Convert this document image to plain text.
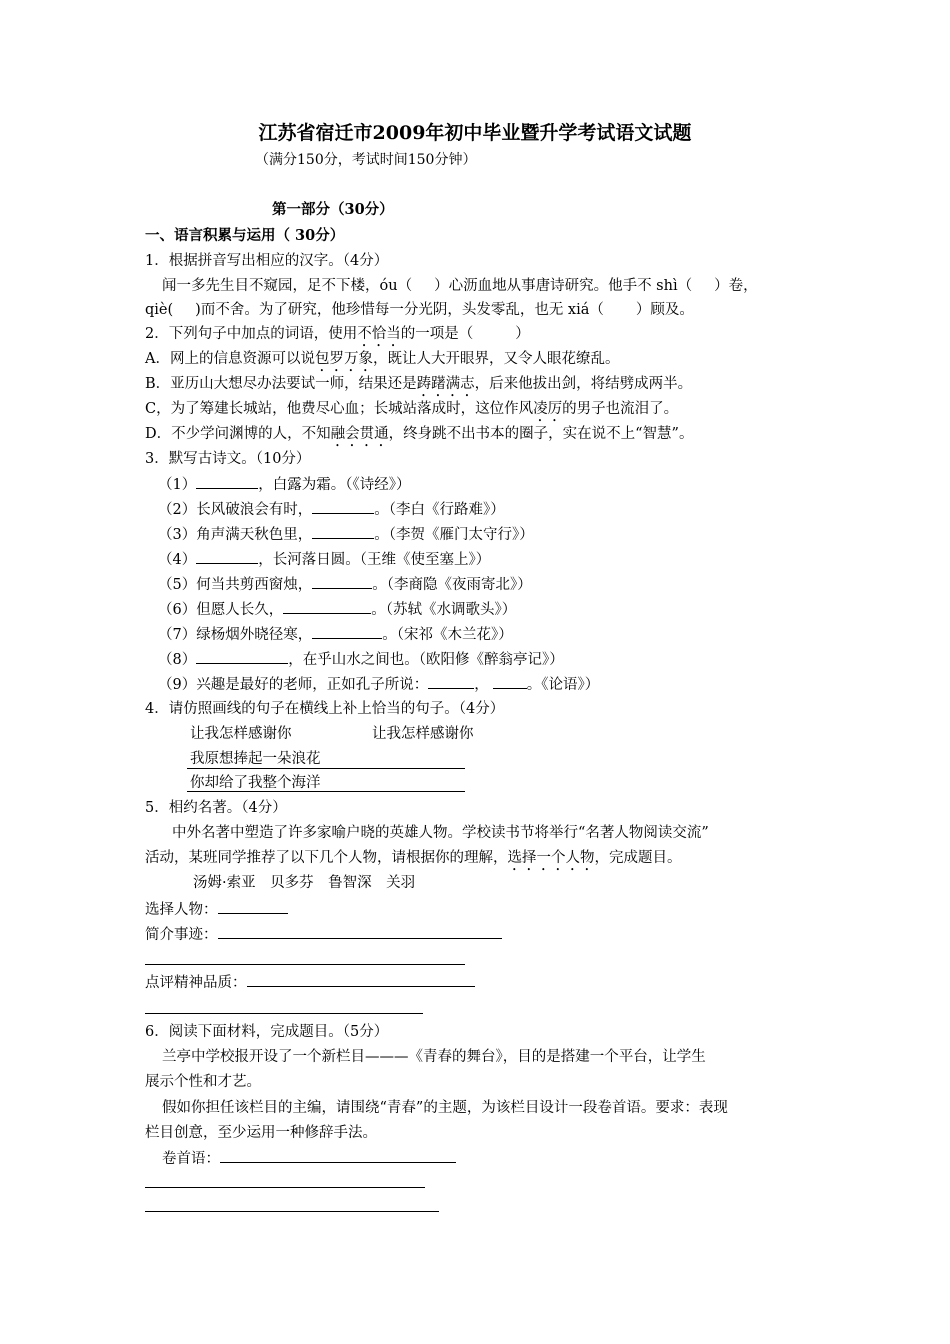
江苏省宿迁市2009年初中毕业暨升学考试语文试题
（满分150分，考试时间150分钟）
第一部分（30分）
一、语言积累与运用（ 30分）
1．根据拼音写出相应的汉字。（4分）
闻一多先生目不窥园，足不下楼，óu（ ）心沥血地从事唐诗研究。他手不 shì（ ）卷，
qiè( )而不舍。为了研究，他珍惜每一分光阴，头发零乱，也无 xiá（ ）顾及。
2．下列句子中加点的词语，使用不恰当的一项是（	）
A．网上的信息资源可以说包罗万象，既让人大开眼界，又令人眼花缭乱。
B．亚历山大想尽办法要试一师，结果还是踌躇满志，后来他拔出剑，将结劈成两半。
C，为了筹建长城站，他费尽心血；长城站落成时，这位作风凌厉的男子也流泪了。
D．不少学问渊博的人，不知融会贯通，终身跳不出书本的圈子，实在说不上“智慧”。
3．默写古诗文。（10分）
（1）	，白露为霜。（《诗经》）
（2）长风破浪会有时，	。（李白《行路难》）
（3）角声满天秋色里，	。（李贺《雁门太守行》）
（4）	，长河落日圆。（王维《使至塞上》）
（5）何当共剪西窗烛，	。（李商隐《夜雨寄北》）
（6）但愿人长久，	。（苏轼《水调歌头》）
（7）绿杨烟外晓径寒，	。（宋祁《木兰花》）
（8）	，在乎山水之间也。（欧阳修《醉翁亭记》）
（9）兴趣是最好的老师，正如孔子所说：	，	。《论语》）
4．请仿照画线的句子在横线上补上恰当的句子。（4分）
让我怎样感谢你	让我怎样感谢你
我原想捧起一朵浪花
你却给了我整个海洋
5．相约名著。（4分）
中外名著中塑造了许多家喻户晓的英雄人物。学校读书节将举行“名著人物阅读交流”
活动，某班同学推荐了以下几个人物，请根据你的理解，选择一个人物，完成题目。
汤姆·索亚　贝多芬　鲁智深　关羽
选择人物：
简介事迹：
点评精神品质：
6．阅读下面材料，完成题目。（5分）
兰亭中学校报开设了一个新栏目———《青春的舞台》，目的是搭建一个平台，让学生
展示个性和才艺。
假如你担任该栏目的主编，请围绕“青春”的主题，为该栏目设计一段卷首语。要求：表现
栏目创意，至少运用一种修辞手法。
卷首语：
